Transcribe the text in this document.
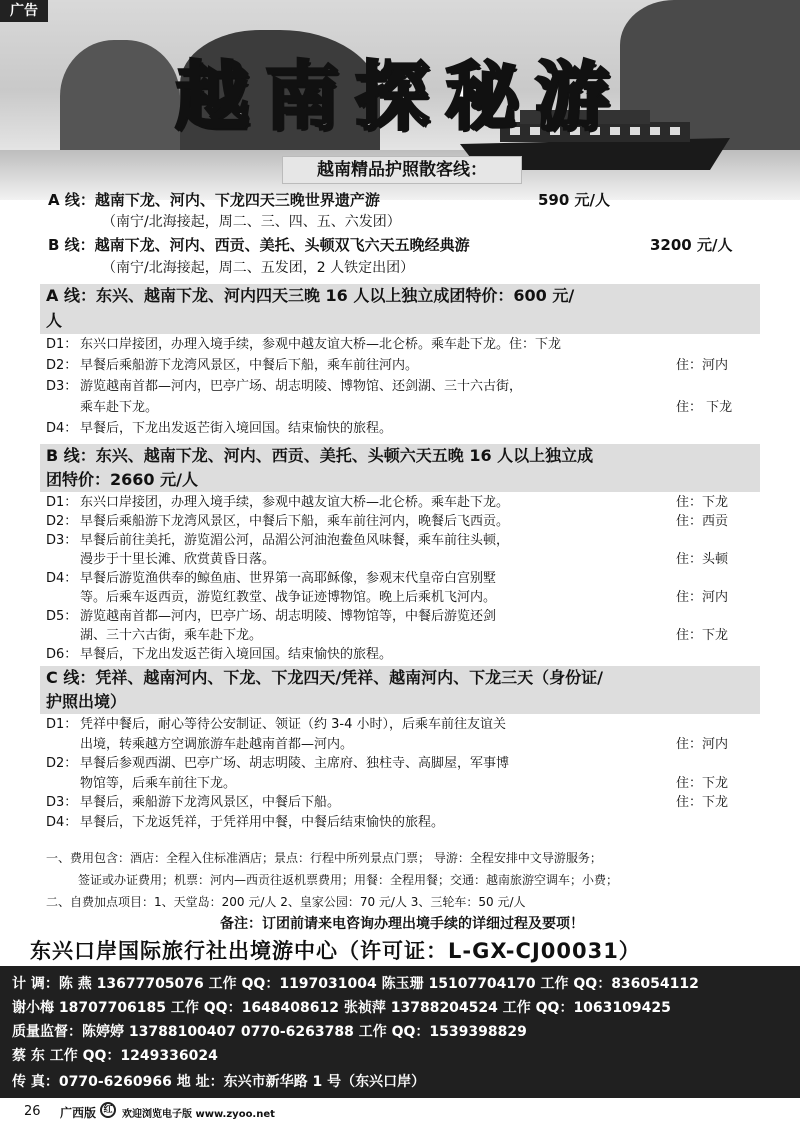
越南探秘游
广告
越南精品护照散客线：
A 线：越南下龙、河内、下龙四天三晚世界遗产游	590 元/人
（南宁/北海接起，周二、三、四、五、六发团）
B 线：越南下龙、河内、西贡、美托、头顿双飞六天五晚经典游	3200 元/人
（南宁/北海接起，周二、五发团，2 人铁定出团）
A 线：东兴、越南下龙、河内四天三晚 16 人以上独立成团特价：600 元/
人
D1： 东兴口岸接团，办理入境手续，参观中越友谊大桥—北仑桥。乘车赴下龙。住：下龙
D2： 早餐后乘船游下龙湾风景区，中餐后下船，乘车前往河内。	住：河内
D3： 游览越南首都—河内，巴亭广场、胡志明陵、博物馆、还剑湖、三十六古街，
乘车赴下龙。	住： 下龙
D4： 早餐后，下龙出发返芒街入境回国。结束愉快的旅程。
B 线：东兴、越南下龙、河内、西贡、美托、头顿六天五晚 16 人以上独立成
团特价：2660 元/人
D1： 东兴口岸接团，办理入境手续，参观中越友谊大桥—北仑桥。乘车赴下龙。	住：下龙
D2： 早餐后乘船游下龙湾风景区，中餐后下船，乘车前往河内，晚餐后飞西贡。	住：西贡
D3： 早餐后前往美托，游览湄公河，品湄公河油泡鲞鱼风味餐，乘车前往头顿，
漫步于十里长滩、欣赏黄昏日落。	住：头顿
D4： 早餐后游览渔供奉的鲸鱼庙、世界第一高耶稣像，参观末代皇帝白宫别墅
等。后乘车返西贡，游览红教堂、战争证迹博物馆。晚上后乘机飞河内。	住：河内
D5： 游览越南首都—河内，巴亭广场、胡志明陵、博物馆等，中餐后游览还剑
湖、三十六古街，乘车赴下龙。	住：下龙
D6： 早餐后，下龙出发返芒街入境回国。结束愉快的旅程。
C 线：凭祥、越南河内、下龙、下龙四天/凭祥、越南河内、下龙三天（身份证/
护照出境）
D1： 凭祥中餐后，耐心等待公安制证、领证（约 3-4 小时），后乘车前往友谊关
出境，转乘越方空调旅游车赴越南首都—河内。	住：河内
D2： 早餐后参观西湖、巴亭广场、胡志明陵、主席府、独柱寺、高脚屋，军事博
物馆等，后乘车前往下龙。	住：下龙
D3： 早餐后，乘船游下龙湾风景区，中餐后下船。	住：下龙
D4： 早餐后，下龙返凭祥，于凭祥用中餐，中餐后结束愉快的旅程。
一、费用包含：酒店：全程入住标准酒店；景点：行程中所列景点门票； 导游：全程安排中文导游服务；
签证或办证费用；机票：河内—西贡往返机票费用；用餐：全程用餐；交通：越南旅游空调车；小费；
二、自费加点项目：1、天堂岛：200 元/人 2、皇家公园：70 元/人 3、三轮车：50 元/人
备注：订团前请来电咨询办理出境手续的详细过程及要项！
东兴口岸国际旅行社出境游中心（许可证：L-GX-CJ00031）
计 调：陈 燕 13677705076 工作 QQ：1197031004 陈玉珊 15107704170 工作 QQ：836054112
谢小梅 18707706185 工作 QQ：1648408612 张祯萍 13788204524 工作 QQ：1063109425
质量监督：陈婷婷 13788100407 0770-6263788 工作 QQ：1539398829
蔡 东 工作 QQ：1249336024
传 真：0770-6260966 地 址：东兴市新华路 1 号（东兴口岸）
26 广西版 红 欢迎浏览电子版 www.zyoo.net
